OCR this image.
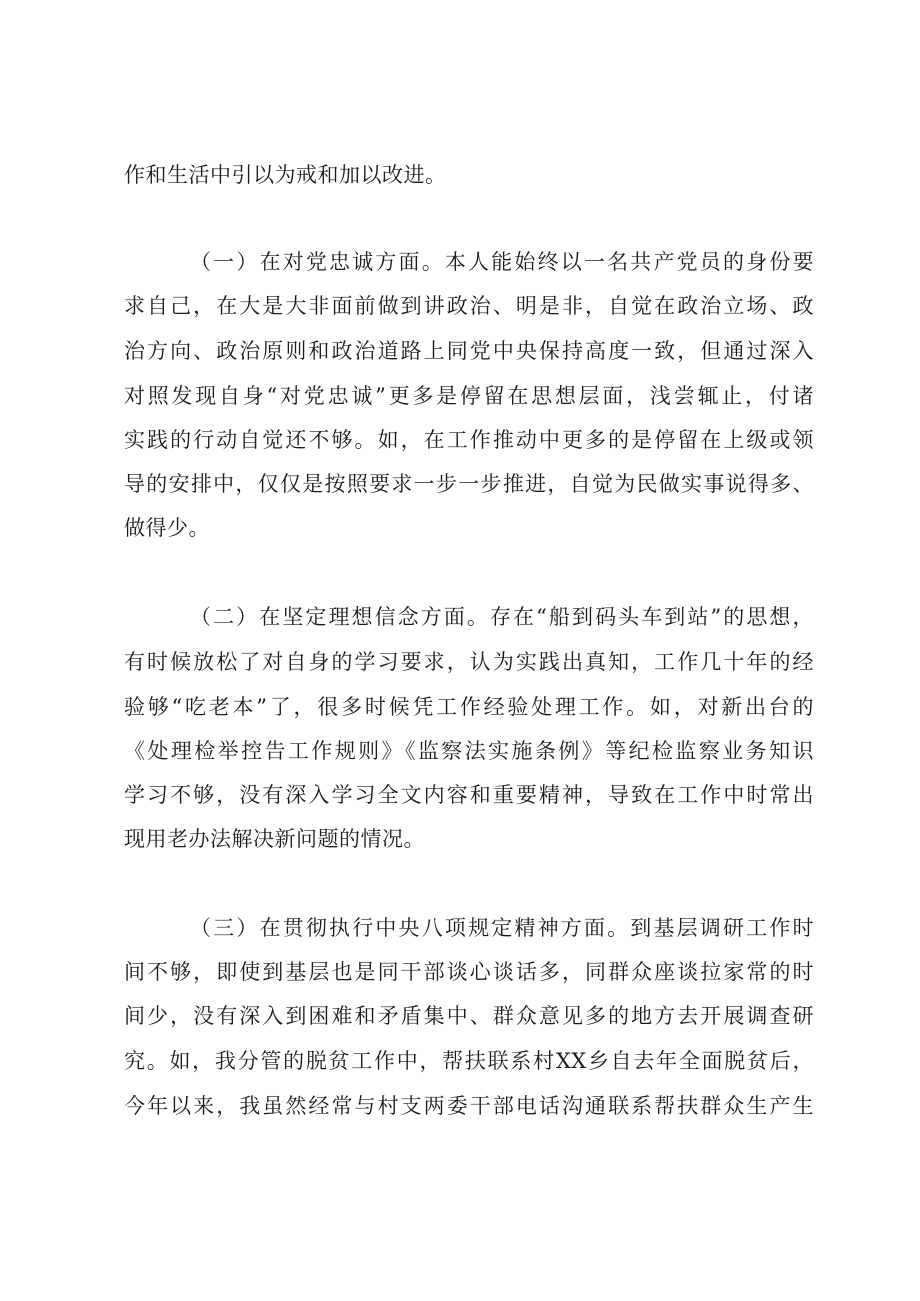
作和生活中引以为戒和加以改进。
（一）在对党忠诚方面。本人能始终以一名共产党员的身份要
求自己，在大是大非面前做到讲政治、明是非，自觉在政治立场、政
治方向、政治原则和政治道路上同党中央保持高度一致，但通过深入
对照发现自身“对党忠诚”更多是停留在思想层面，浅尝辄止，付诸
实践的行动自觉还不够。如，在工作推动中更多的是停留在上级或领
导的安排中，仅仅是按照要求一步一步推进，自觉为民做实事说得多、
做得少。
（二）在坚定理想信念方面。存在“船到码头车到站”的思想，
有时候放松了对自身的学习要求，认为实践出真知，工作几十年的经
验够“吃老本”了，很多时候凭工作经验处理工作。如，对新出台的
《处理检举控告工作规则》《监察法实施条例》等纪检监察业务知识
学习不够，没有深入学习全文内容和重要精神，导致在工作中时常出
现用老办法解决新问题的情况。
（三）在贯彻执行中央八项规定精神方面。到基层调研工作时
间不够，即使到基层也是同干部谈心谈话多，同群众座谈拉家常的时
间少，没有深入到困难和矛盾集中、群众意见多的地方去开展调查研
究。如，我分管的脱贫工作中，帮扶联系村XX乡自去年全面脱贫后，
今年以来，我虽然经常与村支两委干部电话沟通联系帮扶群众生产生
